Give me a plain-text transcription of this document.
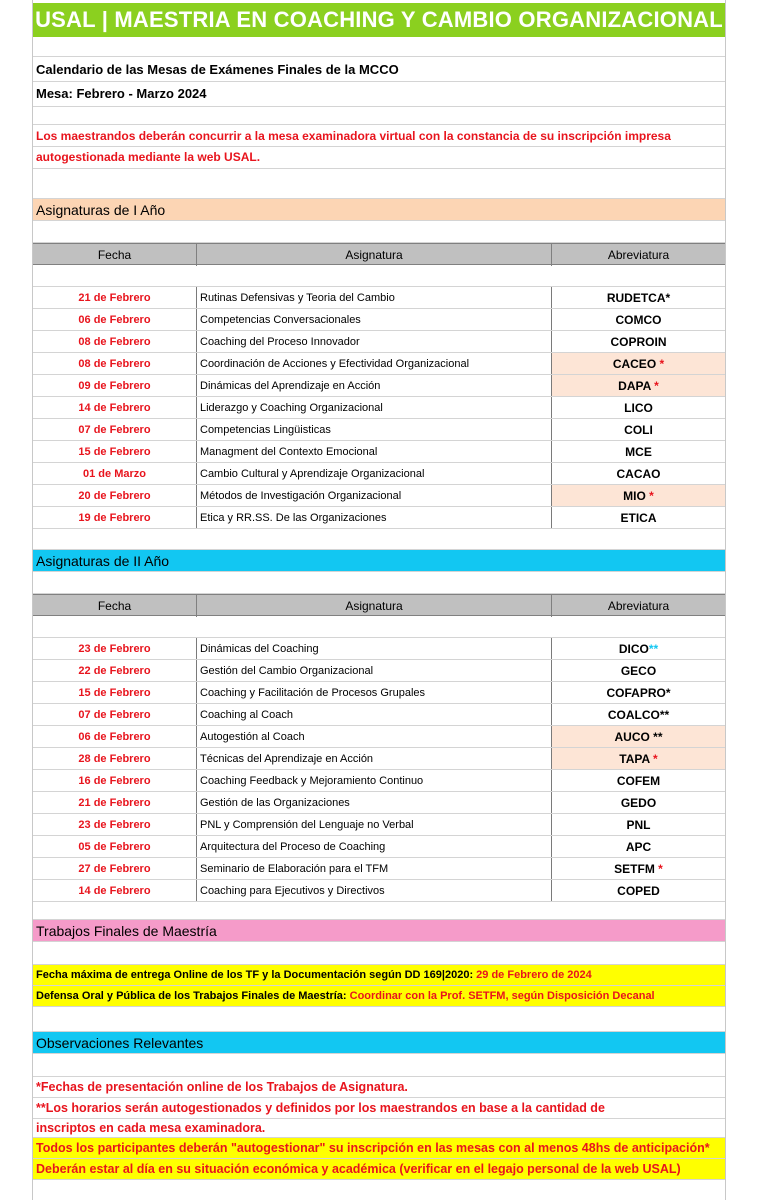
USAL | MAESTRIA EN COACHING Y CAMBIO ORGANIZACIONAL
Calendario de las Mesas de Exámenes Finales de la MCCO
Mesa: Febrero - Marzo 2024
Los maestrandos deberán concurrir a la mesa examinadora virtual con la constancia de su inscripción impresa
autogestionada mediante la web USAL.
Asignaturas de I Año
Fecha	Asignatura	Abreviatura
21 de Febrero	Rutinas Defensivas y Teoria del Cambio	RUDETCA*
06 de Febrero	Competencias Conversacionales	COMCO
08 de Febrero	Coaching del Proceso Innovador	COPROIN
08 de Febrero	Coordinación de Acciones y Efectividad Organizacional	CACEO *
09 de Febrero	Dinámicas del Aprendizaje en Acción	DAPA *
14 de Febrero	Liderazgo y Coaching Organizacional	LICO
07 de Febrero	Competencias Lingüisticas	COLI
15 de Febrero	Managment del Contexto Emocional	MCE
01 de Marzo	Cambio Cultural y Aprendizaje Organizacional	CACAO
20 de Febrero	Métodos de Investigación Organizacional	MIO *
19 de Febrero	Etica y RR.SS. De las Organizaciones	ETICA
Asignaturas de II Año
Fecha	Asignatura	Abreviatura
23 de Febrero	Dinámicas del Coaching	DICO**
22 de Febrero	Gestión del Cambio Organizacional	GECO
15 de Febrero	Coaching y Facilitación de Procesos Grupales	COFAPRO*
07 de Febrero	Coaching al Coach	COALCO**
06 de Febrero	Autogestión al Coach	AUCO **
28 de Febrero	Técnicas del Aprendizaje en Acción	TAPA *
16 de Febrero	Coaching Feedback y Mejoramiento Continuo	COFEM
21 de Febrero	Gestión de las Organizaciones	GEDO
23 de Febrero	PNL y Comprensión del Lenguaje no Verbal	PNL
05 de Febrero	Arquitectura del Proceso de Coaching	APC
27 de Febrero	Seminario de Elaboración para el TFM	SETFM *
14 de Febrero	Coaching para Ejecutivos y Directivos	COPED
Trabajos Finales de Maestría
Fecha máxima de entrega Online de los TF y la Documentación según DD 169|2020: 29 de Febrero de 2024
Defensa Oral y Pública de los Trabajos Finales de Maestría: Coordinar con la Prof. SETFM, según Disposición Decanal
Observaciones Relevantes
*Fechas de presentación online de los Trabajos de Asignatura.
**Los horarios serán autogestionados y definidos por los maestrandos en base a la cantidad de
inscriptos en cada mesa examinadora.
Todos los participantes deberán "autogestionar" su inscripción en las mesas con al menos 48hs de anticipación*
Deberán estar al día en su situación económica y académica (verificar en el legajo personal de la web USAL)
